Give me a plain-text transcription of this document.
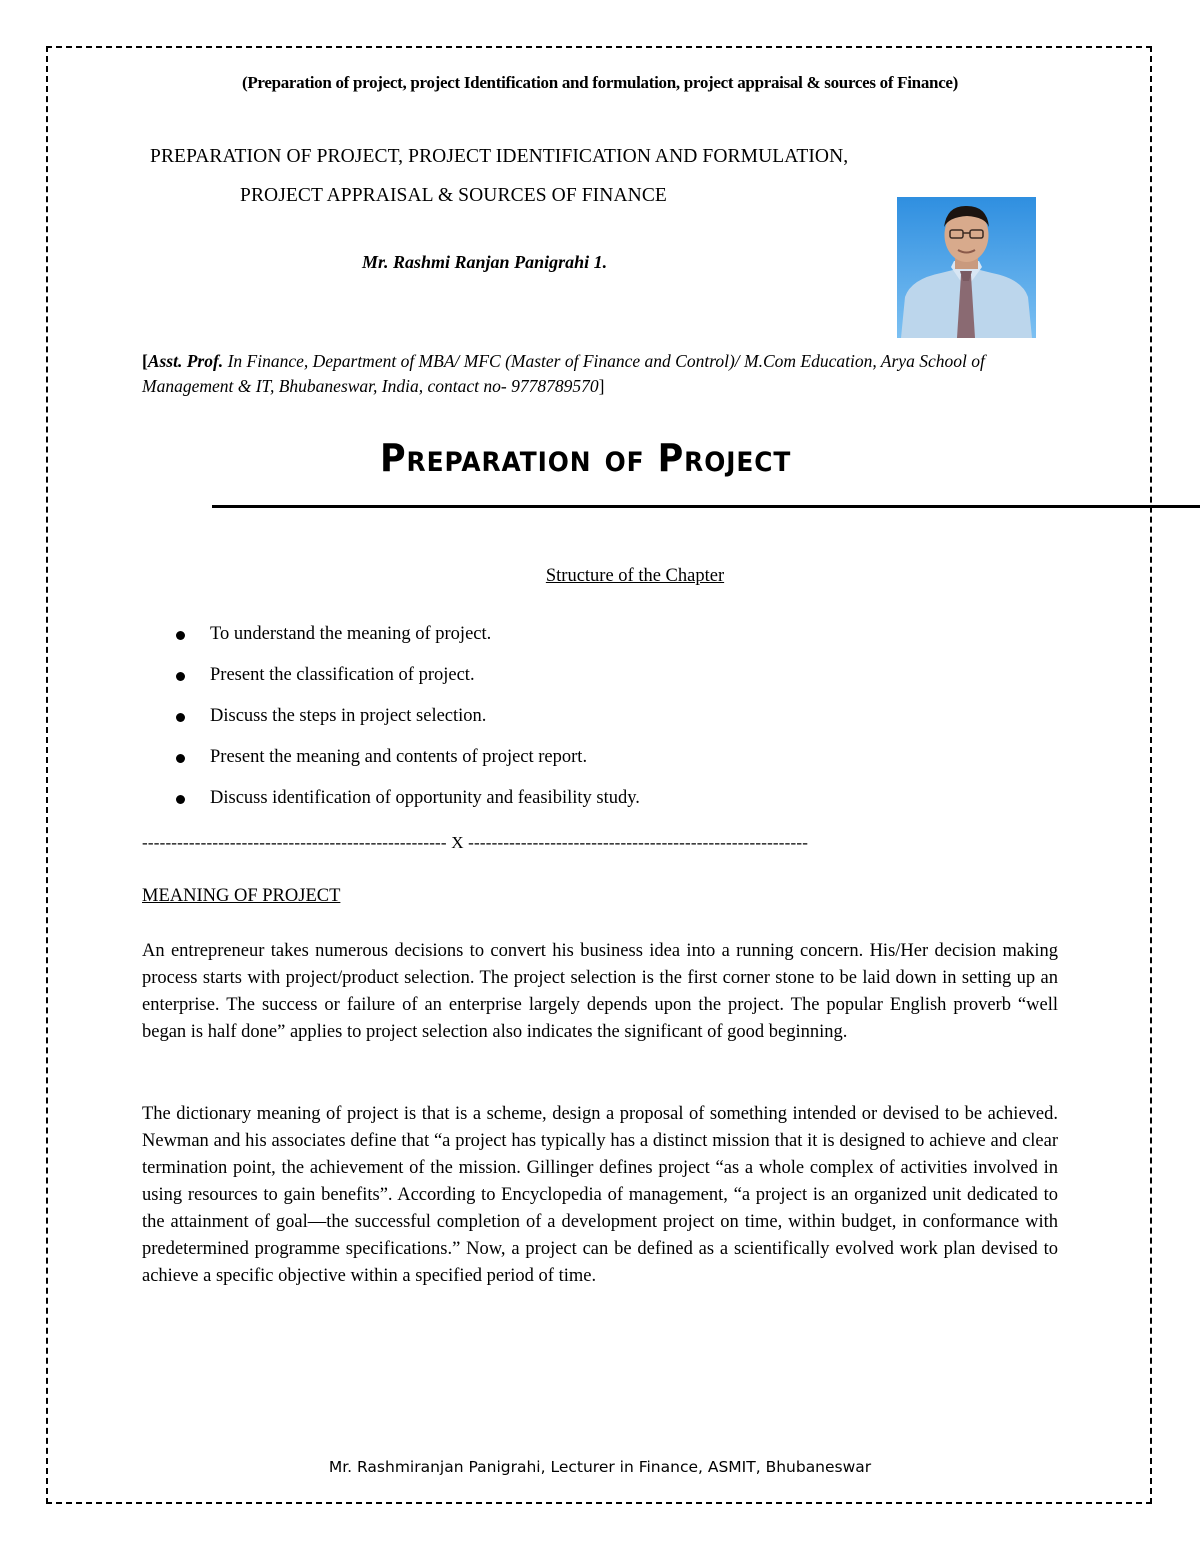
(Preparation of project, project Identification and formulation, project appraisal & sources of Finance)
PREPARATION OF PROJECT, PROJECT IDENTIFICATION AND FORMULATION,
PROJECT APPRAISAL & SOURCES OF FINANCE
Mr. Rashmi Ranjan Panigrahi 1.
[Asst. Prof. In Finance, Department of MBA/ MFC (Master of Finance and Control)/ M.Com Education, Arya School of Management & IT, Bhubaneswar, India, contact no- 9778789570]
Preparation of Project
Structure of the Chapter
To understand the meaning of project.
Present the classification of project.
Discuss the steps in project selection.
Present the meaning and contents of project report.
Discuss identification of opportunity and feasibility study.
---------------------------------------------------- X ----------------------------------------------------------
MEANING OF PROJECT
An entrepreneur takes numerous decisions to convert his business idea into a running concern. His/Her decision making process starts with project/product selection. The project selection is the first corner stone to be laid down in setting up an enterprise. The success or failure of an enterprise largely depends upon the project. The popular English proverb “well began is half done” applies to project selection also indicates the significant of good beginning.
The dictionary meaning of project is that is a scheme, design a proposal of something intended or devised to be achieved. Newman and his associates define that “a project has typically has a distinct mission that it is designed to achieve and clear termination point, the achievement of the mission. Gillinger defines project “as a whole complex of activities involved in using resources to gain benefits”. According to Encyclopedia of management, “a project is an organized unit dedicated to the attainment of goal—the successful completion of a development project on time, within budget, in conformance with predetermined programme specifications.” Now, a project can be defined as a scientifically evolved work plan devised to achieve a specific objective within a specified period of time.
Mr. Rashmiranjan Panigrahi, Lecturer in Finance, ASMIT, Bhubaneswar
